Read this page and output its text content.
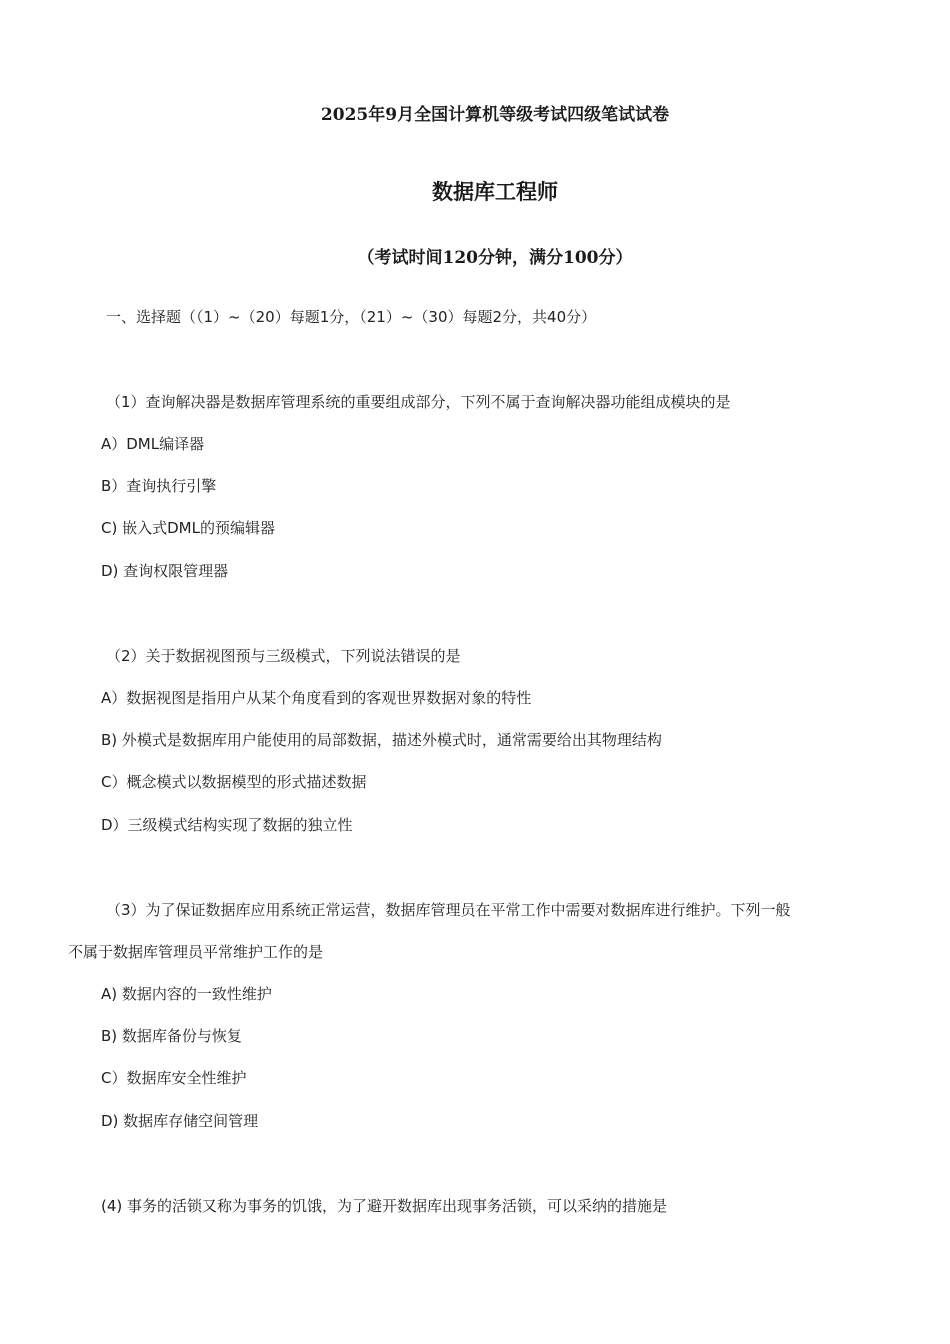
2025年9月全国计算机等级考试四级笔试试卷
数据库工程师
（考试时间120分钟，满分100分）
一、选择题（（1）~（20）每题1分，（21）~（30）每题2分，共40分）
（1）查询解决器是数据库管理系统的重要组成部分，下列不属于查询解决器功能组成模块的是
A）DML编译器
B）查询执行引擎
C) 嵌入式DML的预编辑器
D) 查询权限管理器
（2）关于数据视图预与三级模式，下列说法错误的是
A）数据视图是指用户从某个角度看到的客观世界数据对象的特性
B) 外模式是数据库用户能使用的局部数据，描述外模式时，通常需要给出其物理结构
C）概念模式以数据模型的形式描述数据
D）三级模式结构实现了数据的独立性
（3）为了保证数据库应用系统正常运营，数据库管理员在平常工作中需要对数据库进行维护。下列一般
不属于数据库管理员平常维护工作的是
A) 数据内容的一致性维护
B) 数据库备份与恢复
C）数据库安全性维护
D) 数据库存储空间管理
(4) 事务的活锁又称为事务的饥饿，为了避开数据库出现事务活锁，可以采纳的措施是
